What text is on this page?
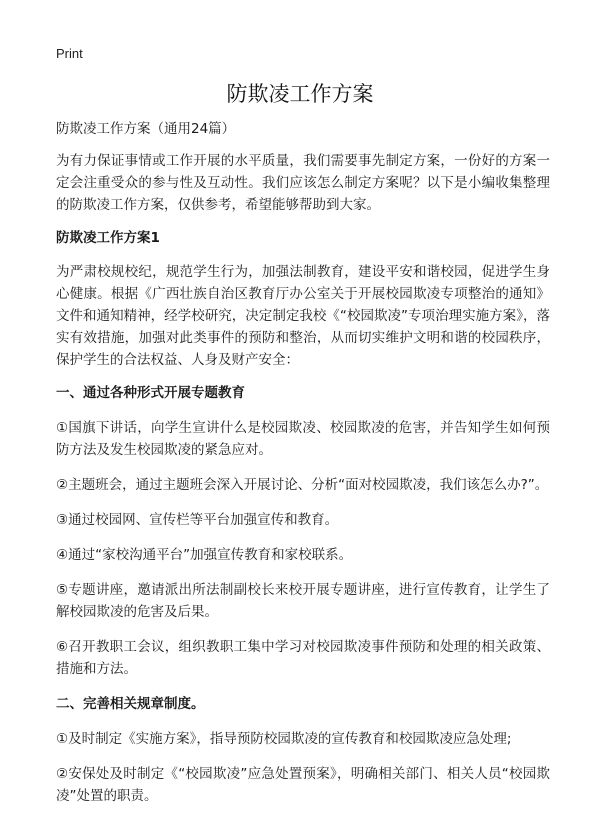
Print

防欺凌工作方案

防欺凌工作方案（通用24篇）

为有力保证事情或工作开展的水平质量，我们需要事先制定方案，一份好的方案一定会注重受众的参与性及互动性。我们应该怎么制定方案呢？以下是小编收集整理的防欺凌工作方案，仅供参考，希望能够帮助到大家。

防欺凌工作方案1

为严肃校规校纪，规范学生行为，加强法制教育，建设平安和谐校园，促进学生身心健康。根据《广西壮族自治区教育厅办公室关于开展校园欺凌专项整治的通知》文件和通知精神，经学校研究，决定制定我校《“校园欺凌”专项治理实施方案》，落实有效措施，加强对此类事件的预防和整治，从而切实维护文明和谐的校园秩序，保护学生的合法权益、人身及财产安全：

一、通过各种形式开展专题教育

①国旗下讲话，向学生宣讲什么是校园欺凌、校园欺凌的危害，并告知学生如何预防方法及发生校园欺凌的紧急应对。

②主题班会，通过主题班会深入开展讨论、分析“面对校园欺凌，我们该怎么办?”。

③通过校园网、宣传栏等平台加强宣传和教育。

④通过“家校沟通平台”加强宣传教育和家校联系。

⑤专题讲座，邀请派出所法制副校长来校开展专题讲座，进行宣传教育，让学生了解校园欺凌的危害及后果。

⑥召开教职工会议，组织教职工集中学习对校园欺凌事件预防和处理的相关政策、措施和方法。

二、完善相关规章制度。

①及时制定《实施方案》，指导预防校园欺凌的宣传教育和校园欺凌应急处理;

②安保处及时制定《“校园欺凌”应急处置预案》，明确相关部门、相关人员“校园欺凌”处置的职责。
